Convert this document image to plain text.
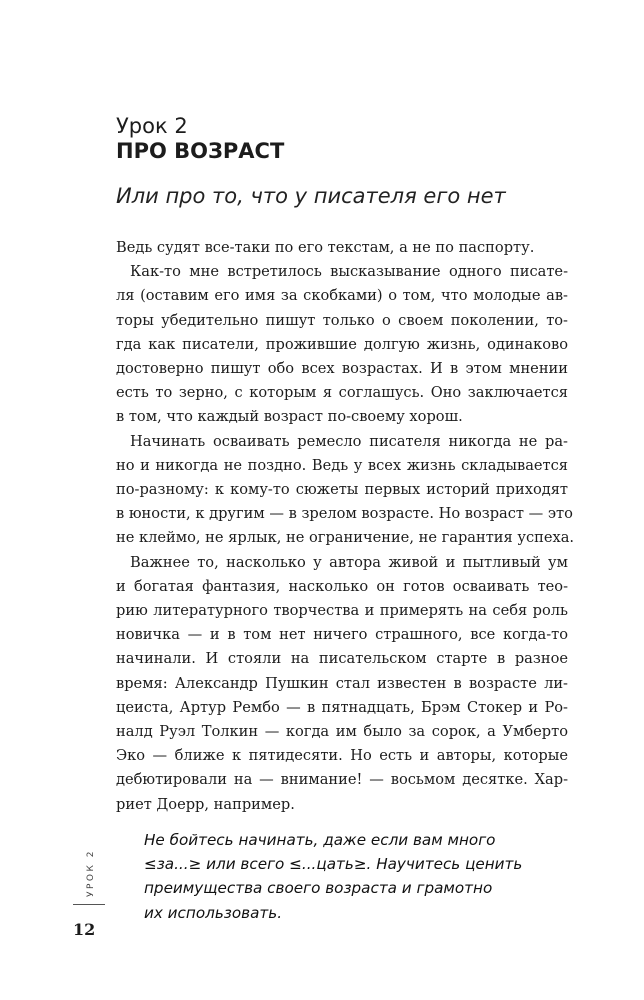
Урок 2
ПРО ВОЗРАСТ

Или про то, что у писателя его нет

Ведь судят все-таки по его текстам, а не по паспорту.
Как-то мне встретилось высказывание одного писате-
ля (оставим его имя за скобками) о том, что молодые ав-
торы убедительно пишут только о своем поколении, то-
гда как писатели, прожившие долгую жизнь, одинаково
достоверно пишут обо всех возрастах. И в этом мнении
есть то зерно, с которым я соглашусь. Оно заключается
в том, что каждый возраст по-своему хорош.
Начинать осваивать ремесло писателя никогда не ра-
но и никогда не поздно. Ведь у всех жизнь складывается
по-разному: к кому-то сюжеты первых историй приходят
в юности, к другим — в зрелом возрасте. Но возраст — это
не клеймо, не ярлык, не ограничение, не гарантия успеха.
Важнее то, насколько у автора живой и пытливый ум
и богатая фантазия, насколько он готов осваивать тео-
рию литературного творчества и примерять на себя роль
новичка — и в том нет ничего страшного, все когда-то
начинали. И стояли на писательском старте в разное
время: Александр Пушкин стал известен в возрасте ли-
цеиста, Артур Рембо — в пятнадцать, Брэм Стокер и Ро-
налд Руэл Толкин — когда им было за сорок, а Умберто
Эко — ближе к пятидесяти. Но есть и авторы, которые
дебютировали на — внимание! — восьмом десятке. Хар-
риет Доерр, например.
Не бойтесь начинать, даже если вам много
≤за...≥ или всего ≤...цать≥. Научитесь ценить
преимущества своего возраста и грамотно
их использовать.
УРОК 2
12
